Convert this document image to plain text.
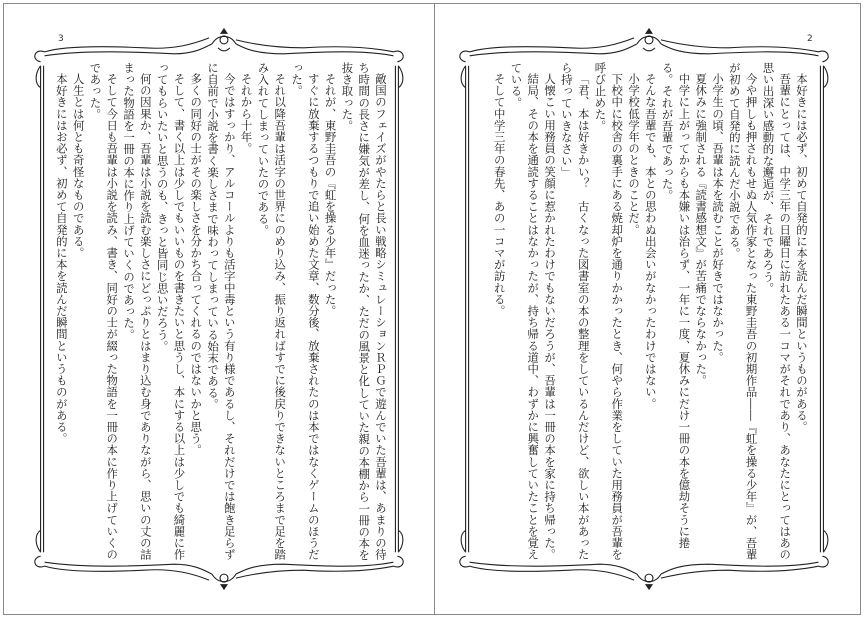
3

敵国のフェイズがやたらと長い戦略シミュレーションＲＰＧで遊んでいた吾輩は、あまりの待ち時間の長さに嫌気が差し、何を血迷ったか、ただの風景と化していた親の本棚から一冊の本を抜き取った。

それが、東野圭吾の『虹を操る少年』だった。

すぐに放棄するつもりで追い始めた文章、数分後、放棄されたのは本ではなくゲームのほうだった。

それ以降吾輩は活字の世界にのめり込み、振り返ればすでに後戻りできないところまで足を踏み入れてしまっていたのである。

それから十年。

今ではすっかり、アルコールよりも活字中毒という有り様であるし、それだけでは飽き足らずに自前で小説を書く楽しさまで味わってしまっている始末である。

多くの同好の士がその楽しさを分かち合ってくれるのではないかと思う。

そして、書く以上は少しでもいいものを書きたいと思うし、本にする以上は少しでも綺麗に作ってもらいたいと思うのも、きっと皆同じ思いだろう。

何の因果か、吾輩は小説を読む楽しさにどっぷりとはまり込む身でありながら、思いの丈の詰まった物語を一冊の本に作り上げていくのであった。

そして今日も吾輩は小説を読み、書き、同好の士が綴った物語を一冊の本に作り上げていくのであった。

人生とは何とも奇怪なものである。

本好きにはお必ず、初めて自発的に本を読んだ瞬間というものがある。

2

本好きには必ず、初めて自発的に本を読んだ瞬間というものがある。

吾輩にとっては、中学三年の日曜日に訪れたある一コマがそれであり、あなたにとってはあの思い出深い感動的な邂逅が、それであろう。

今や押しも押されもせぬ人気作家となった東野圭吾の初期作品――『虹を操る少年』が、吾輩が初めて自発的に読んだ小説である。

小学生の頃、吾輩は本を読むことが好きではなかった。

夏休みに強制される『読書感想文』が苦痛でならなかった。

中学に上がってからも本嫌いは治らず、一年に一度、夏休みにだけ一冊の本を億劫そうに捲る。それが吾輩であった。

そんな吾輩でも、本との思わぬ出会いがなかったわけではない。

小学校低学年のときのことだ。

下校中に校舎の裏手にある焼却炉を通りかかったとき、何やら作業をしていた用務員が吾輩を呼び止めた。

「君、本は好きかい？　古くなった図書室の本の整理をしているんだけど、欲しい本があったら持っていきなさい」

人懐こい用務員の笑顔に惹かれたわけでもないだろうが、吾輩は一冊の本を家に持ち帰った。

結局、その本を通読することはなかったが、持ち帰る道中、わずかに興奮していたことを覚えている。

そして中学三年の春先、あの一コマが訪れる。
